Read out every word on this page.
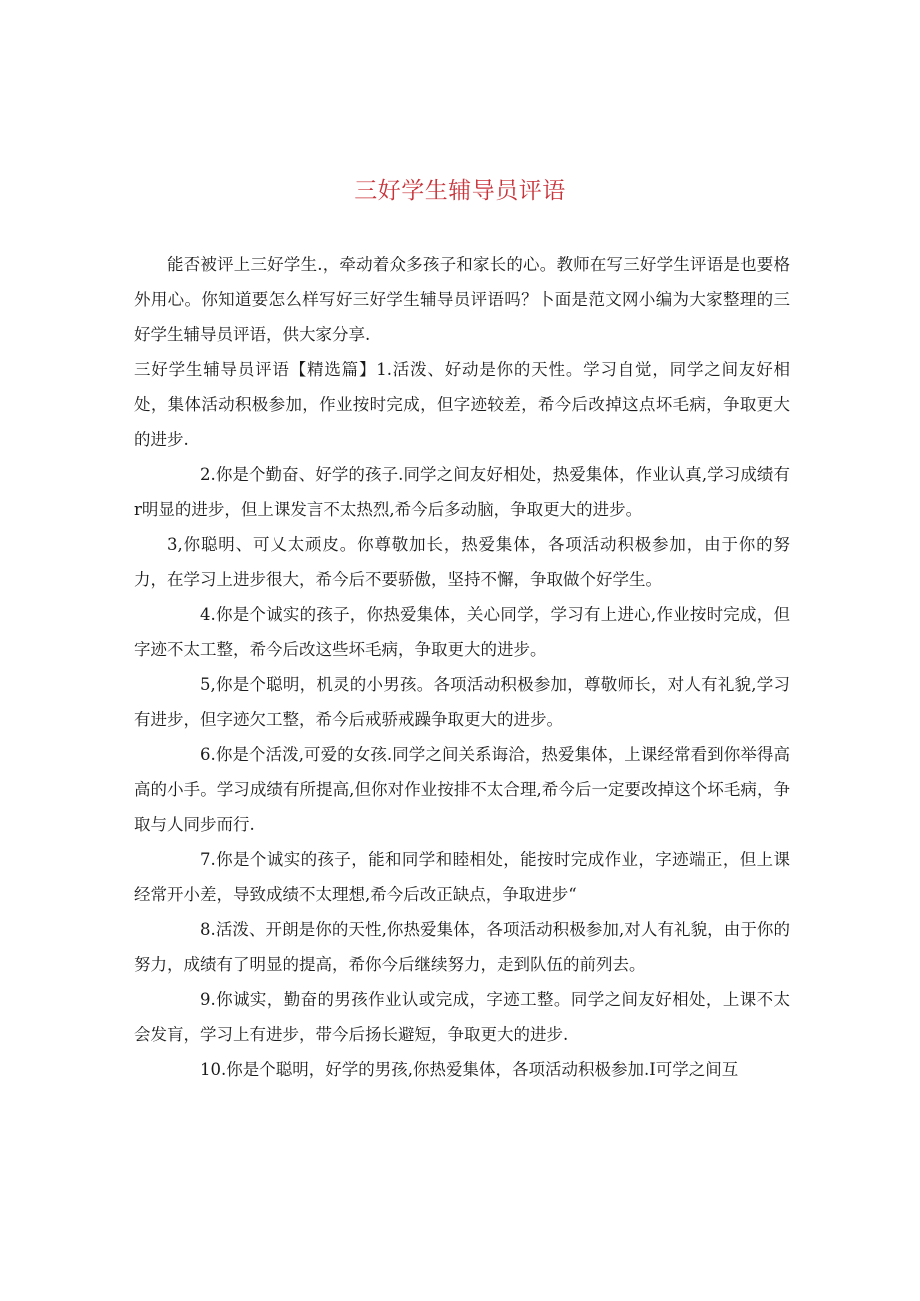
三好学生辅导员评语

能否被评上三好学生.，牵动着众多孩子和家长的心。教师在写三好学生评语是也要格外用心。你知道要怎么样写好三好学生辅导员评语吗？卜面是范文网小编为大家整理的三好学生辅导员评语，供大家分享.

三好学生辅导员评语【精选篇】1.活泼、好动是你的天性。学习自觉，同学之间友好相处，集体活动积极参加，作业按时完成，但字迹较差，希今后改掉这点坏毛病，争取更大的进步.

2.你是个勤奋、好学的孩子.同学之间友好相处，热爱集体，作业认真,学习成绩有r明显的进步，但上课发言不太热烈,希今后多动脑，争取更大的进步。

3,你聪明、可乂太顽皮。你尊敬加长，热爱集体，各项活动积极参加，由于你的努力，在学习上进步很大，希今后不要骄傲，坚持不懈，争取做个好学生。

4.你是个诚实的孩子，你热爱集体，关心同学，学习有上进心,作业按时完成，但字迹不太工整，希今后改这些坏毛病，争取更大的进步。

5,你是个聪明，机灵的小男孩。各项活动积极参加，尊敬师长，对人有礼貌,学习有进步，但字迹欠工整，希今后戒骄戒躁争取更大的进步。

6.你是个活泼,可爱的女孩.同学之间关系诲洽，热爱集体，上课经常看到你举得高高的小手。学习成绩有所提高,但你对作业按排不太合理,希今后一定要改掉这个坏毛病，争取与人同步而行.

7.你是个诚实的孩子，能和同学和睦相处，能按时完成作业，字迹端正，但上课经常开小差，导致成绩不太理想,希今后改正缺点，争取进步“

8.活泼、开朗是你的天性,你热爱集体，各项活动积极参加,对人有礼貌，由于你的努力，成绩有了明显的提高，希你今后继续努力，走到队伍的前列去。

9.你诚实，勤奋的男孩作业认或完成，字迹工整。同学之间友好相处，上课不太会发肓，学习上有进步，带今后扬长避短，争取更大的进步.

10.你是个聪明，好学的男孩,你热爱集体，各项活动积极参加.I可学之间互
